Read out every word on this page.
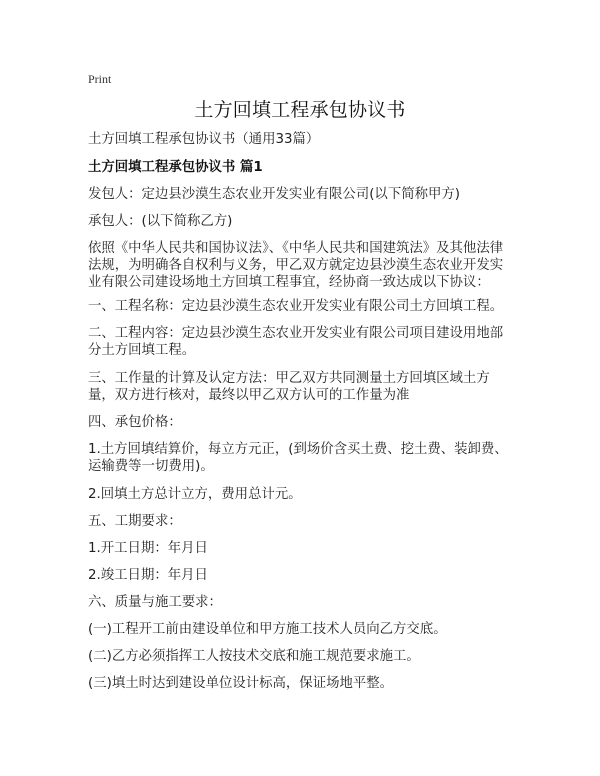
Print
土方回填工程承包协议书
土方回填工程承包协议书（通用33篇）
土方回填工程承包协议书 篇1
发包人：定边县沙漠生态农业开发实业有限公司(以下简称甲方)
承包人：(以下简称乙方)
依照《中华人民共和国协议法》、《中华人民共和国建筑法》及其他法律法规，为明确各自权利与义务，甲乙双方就定边县沙漠生态农业开发实业有限公司建设场地土方回填工程事宜，经协商一致达成以下协议：
一、工程名称：定边县沙漠生态农业开发实业有限公司土方回填工程。
二、工程内容：定边县沙漠生态农业开发实业有限公司项目建设用地部分土方回填工程。
三、工作量的计算及认定方法：甲乙双方共同测量土方回填区域土方量，双方进行核对，最终以甲乙双方认可的工作量为准
四、承包价格：
1.土方回填结算价，每立方元正，(到场价含买土费、挖土费、装卸费、运输费等一切费用)。
2.回填土方总计立方，费用总计元。
五、工期要求：
1.开工日期：年月日
2.竣工日期：年月日
六、质量与施工要求：
(一)工程开工前由建设单位和甲方施工技术人员向乙方交底。
(二)乙方必须指挥工人按技术交底和施工规范要求施工。
(三)填土时达到建设单位设计标高，保证场地平整。
